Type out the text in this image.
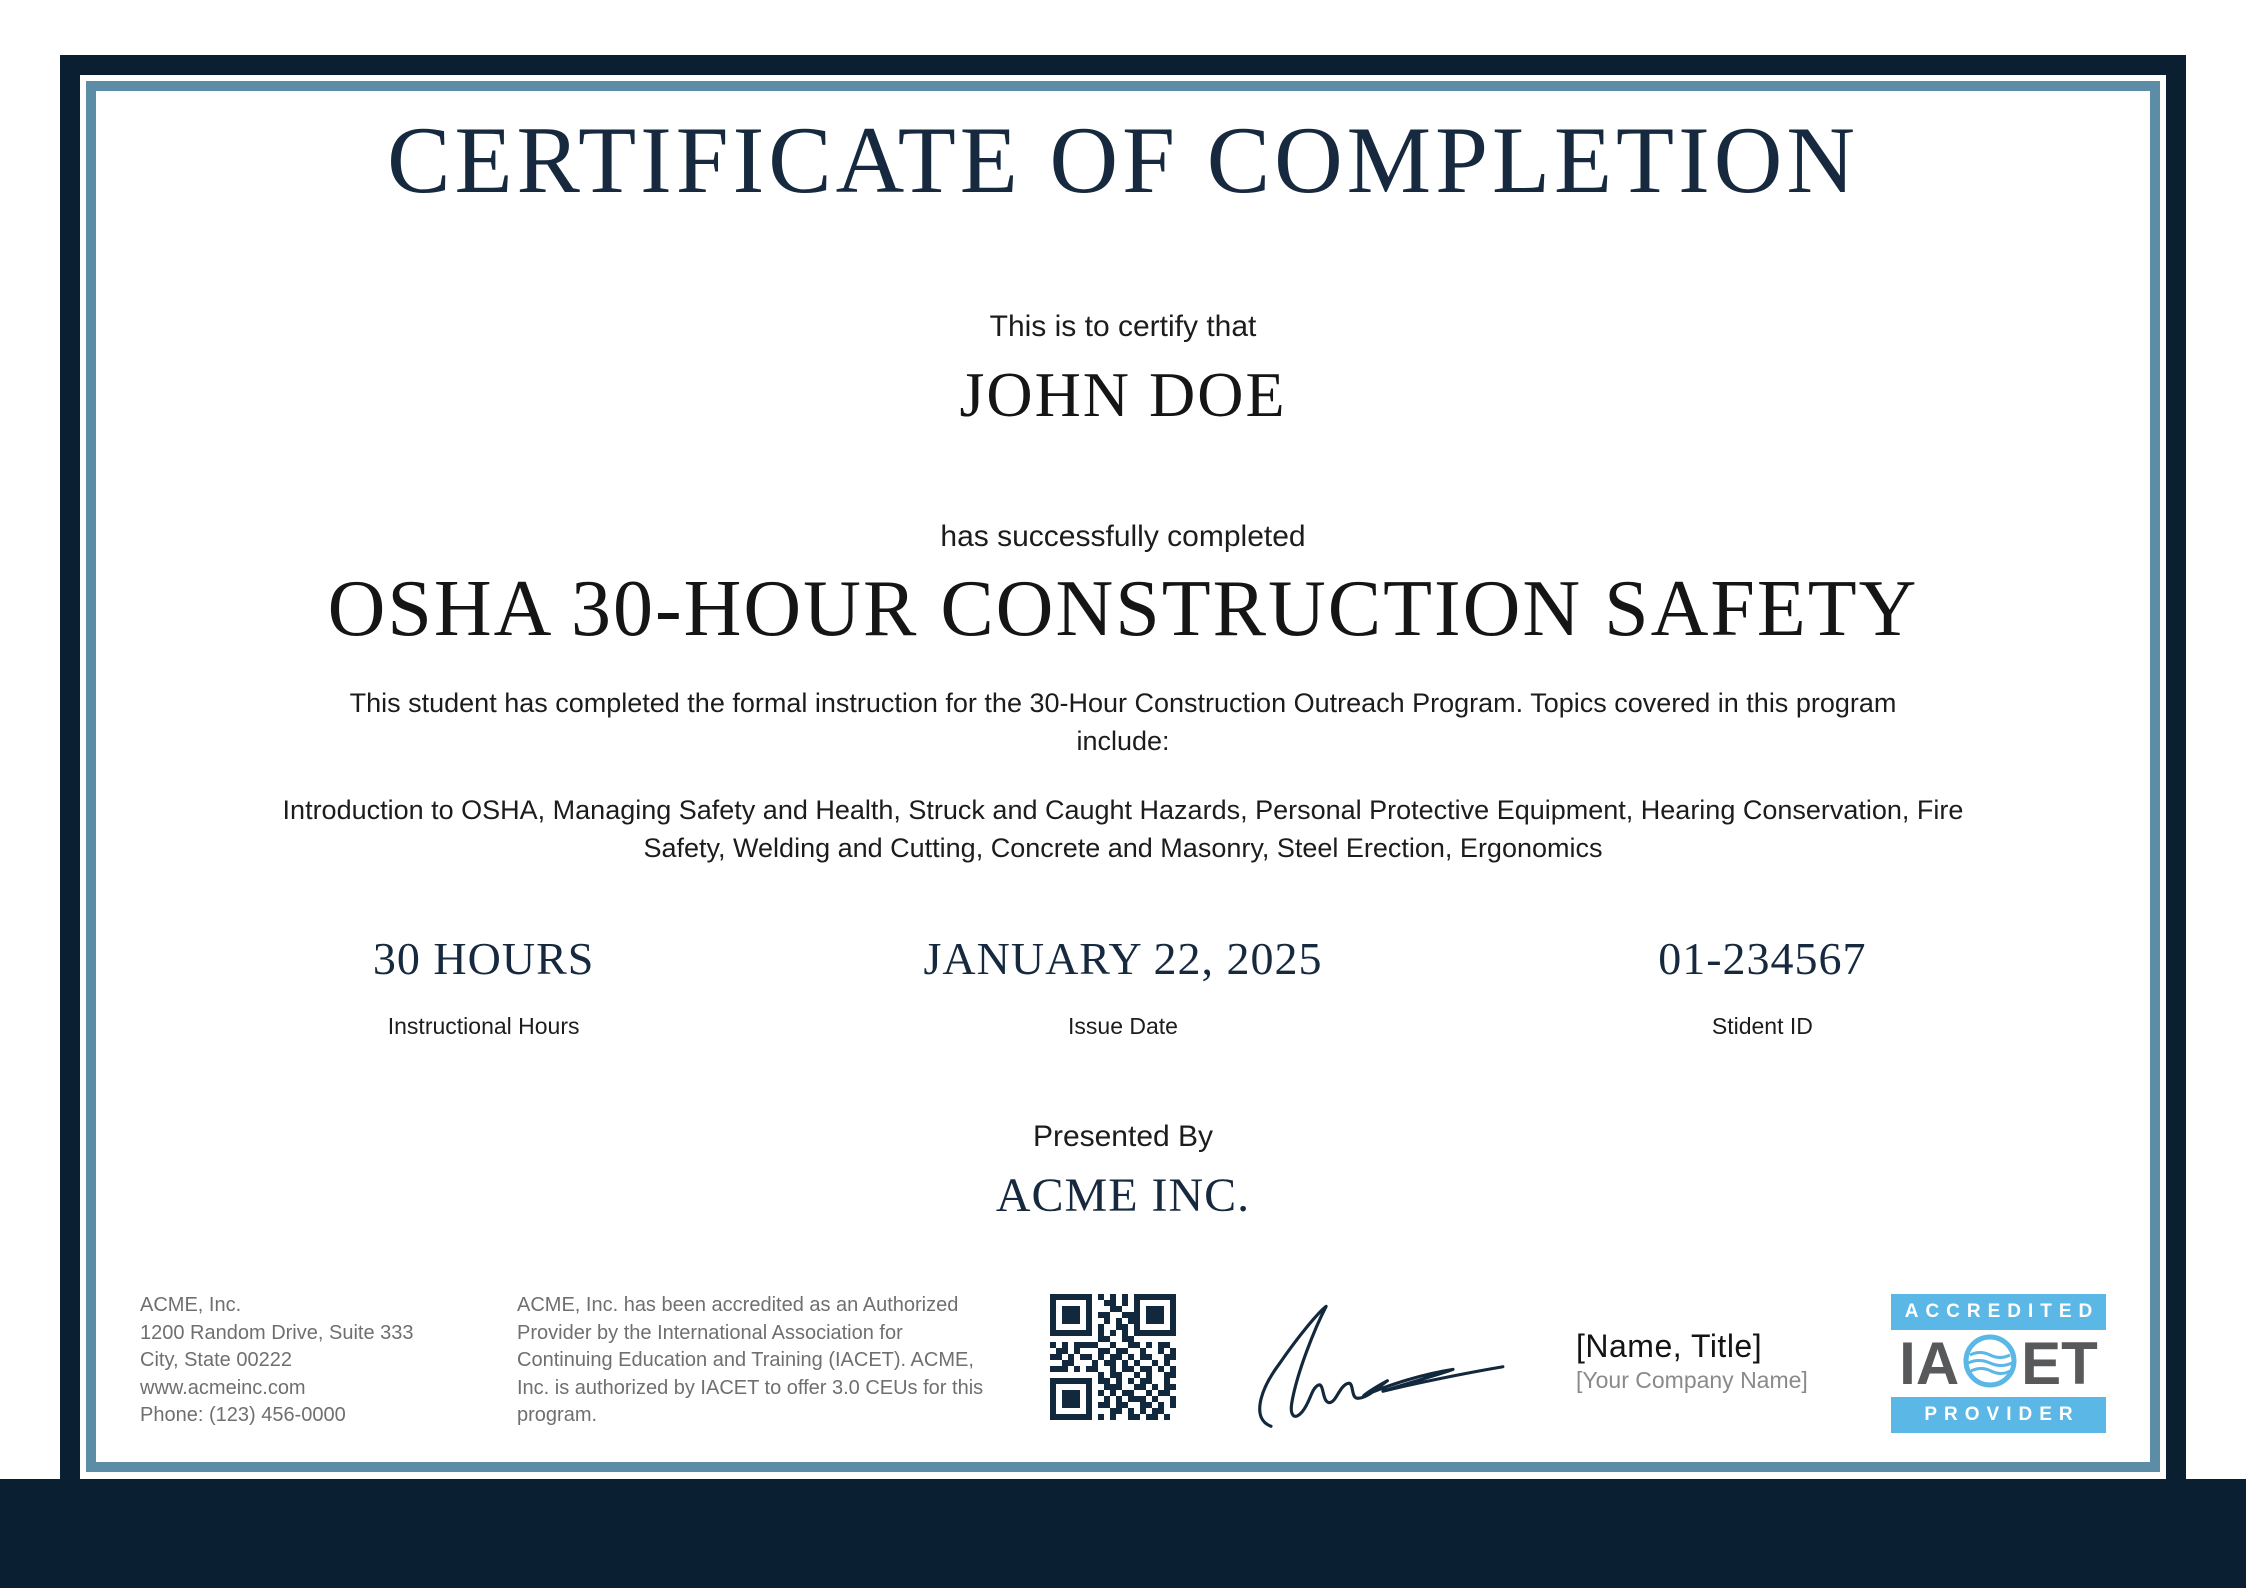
CERTIFICATE OF COMPLETION
This is to certify that
JOHN DOE
has successfully completed
OSHA 30-HOUR CONSTRUCTION SAFETY
This student has completed the formal instruction for the 30-Hour Construction Outreach Program. Topics covered in this program include:
Introduction to OSHA, Managing Safety and Health, Struck and Caught Hazards, Personal Protective Equipment, Hearing Conservation, Fire Safety, Welding and Cutting, Concrete and Masonry, Steel Erection, Ergonomics
30 HOURS
Instructional Hours
JANUARY 22, 2025
Issue Date
01-234567
Stident ID
Presented By
ACME INC.
ACME, Inc.
1200 Random Drive, Suite 333
City, State 00222
www.acmeinc.com
Phone: (123) 456-0000
ACME, Inc. has been accredited as an Authorized Provider by the International Association for Continuing Education and Training (IACET). ACME, Inc. is authorized by IACET to offer 3.0 CEUs for this program.
[Name, Title]
[Your Company Name]
ACCREDITED
IA ET
PROVIDER
